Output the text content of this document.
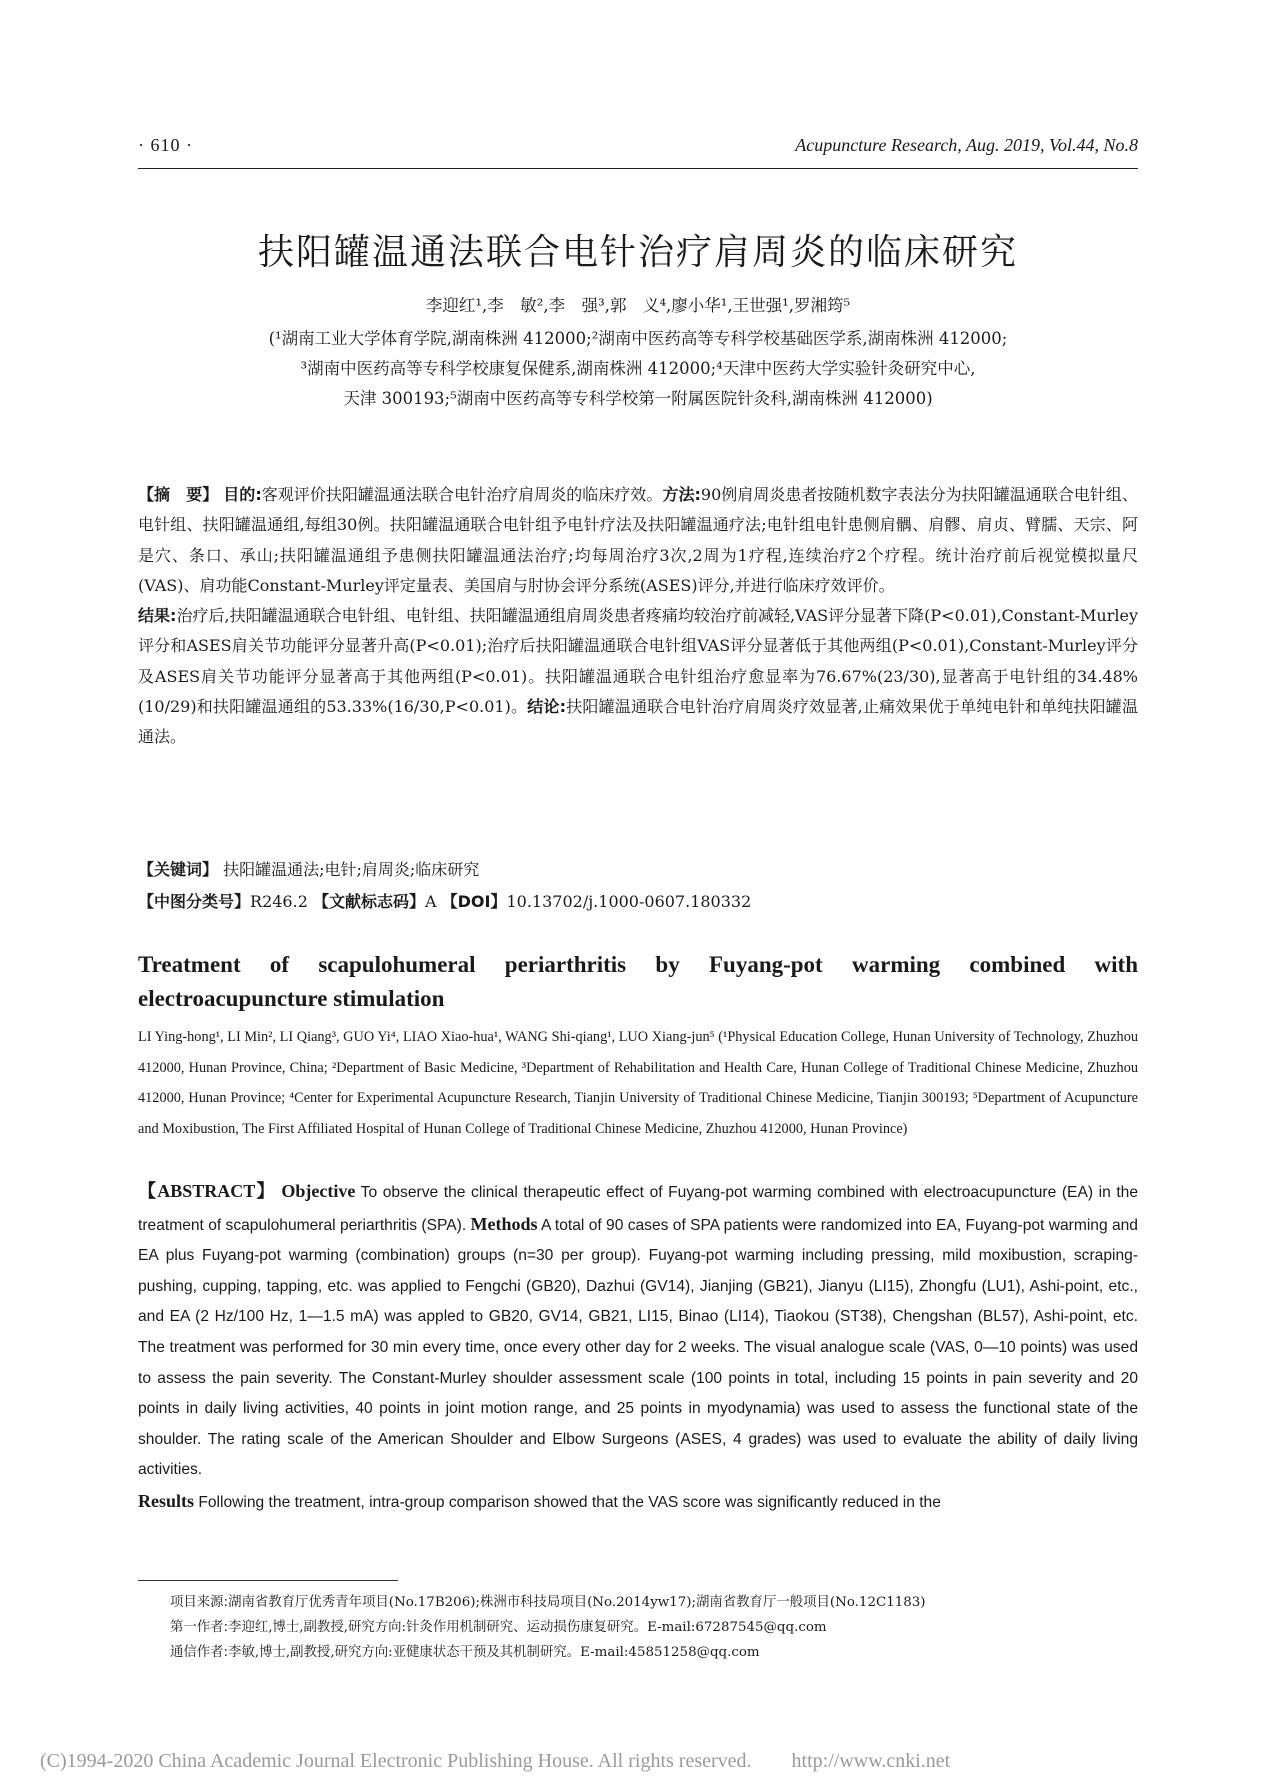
· 610 ·	Acupuncture Research, Aug. 2019, Vol.44, No.8
扶阳罐温通法联合电针治疗肩周炎的临床研究
李迎红¹,李　敏²,李　强³,郭　义⁴,廖小华¹,王世强¹,罗湘筠⁵
(¹湖南工业大学体育学院,湖南株洲 412000;²湖南中医药高等专科学校基础医学系,湖南株洲 412000;
³湖南中医药高等专科学校康复保健系,湖南株洲 412000;⁴天津中医药大学实验针灸研究中心,
天津 300193;⁵湖南中医药高等专科学校第一附属医院针灸科,湖南株洲 412000)
【摘　要】 目的:客观评价扶阳罐温通法联合电针治疗肩周炎的临床疗效。方法:90例肩周炎患者按随机数字表法分为扶阳罐温通联合电针组、电针组、扶阳罐温通组,每组30例。扶阳罐温通联合电针组予电针疗法及扶阳罐温通疗法;电针组电针患侧肩髃、肩髎、肩贞、臂臑、天宗、阿是穴、条口、承山;扶阳罐温通组予患侧扶阳罐温通法治疗;均每周治疗3次,2周为1疗程,连续治疗2个疗程。统计治疗前后视觉模拟量尺(VAS)、肩功能Constant-Murley评定量表、美国肩与肘协会评分系统(ASES)评分,并进行临床疗效评价。
结果:治疗后,扶阳罐温通联合电针组、电针组、扶阳罐温通组肩周炎患者疼痛均较治疗前减轻,VAS评分显著下降(P<0.01),Constant-Murley评分和ASES肩关节功能评分显著升高(P<0.01);治疗后扶阳罐温通联合电针组VAS评分显著低于其他两组(P<0.01),Constant-Murley评分及ASES肩关节功能评分显著高于其他两组(P<0.01)。扶阳罐温通联合电针组治疗愈显率为76.67%(23/30),显著高于电针组的34.48%(10/29)和扶阳罐温通组的53.33%(16/30,P<0.01)。结论:扶阳罐温通联合电针治疗肩周炎疗效显著,止痛效果优于单纯电针和单纯扶阳罐温通法。
【关键词】 扶阳罐温通法;电针;肩周炎;临床研究
【中图分类号】R246.2 【文献标志码】A 【DOI】10.13702/j.1000-0607.180332
Treatment of scapulohumeral periarthritis by Fuyang-pot warming combined with electroacupuncture stimulation
LI Ying-hong¹, LI Min², LI Qiang³, GUO Yi⁴, LIAO Xiao-hua¹, WANG Shi-qiang¹, LUO Xiang-jun⁵ (¹Physical Education College, Hunan University of Technology, Zhuzhou 412000, Hunan Province, China; ²Department of Basic Medicine, ³Department of Rehabilitation and Health Care, Hunan College of Traditional Chinese Medicine, Zhuzhou 412000, Hunan Province; ⁴Center for Experimental Acupuncture Research, Tianjin University of Traditional Chinese Medicine, Tianjin 300193; ⁵Department of Acupuncture and Moxibustion, The First Affiliated Hospital of Hunan College of Traditional Chinese Medicine, Zhuzhou 412000, Hunan Province)
【ABSTRACT】 Objective To observe the clinical therapeutic effect of Fuyang-pot warming combined with electroacupuncture (EA) in the treatment of scapulohumeral periarthritis (SPA). Methods A total of 90 cases of SPA patients were randomized into EA, Fuyang-pot warming and EA plus Fuyang-pot warming (combination) groups (n=30 per group). Fuyang-pot warming including pressing, mild moxibustion, scraping-pushing, cupping, tapping, etc. was applied to Fengchi (GB20), Dazhui (GV14), Jianjing (GB21), Jianyu (LI15), Zhongfu (LU1), Ashi-point, etc., and EA (2 Hz/100 Hz, 1—1.5 mA) was appled to GB20, GV14, GB21, LI15, Binao (LI14), Tiaokou (ST38), Chengshan (BL57), Ashi-point, etc. The treatment was performed for 30 min every time, once every other day for 2 weeks. The visual analogue scale (VAS, 0—10 points) was used to assess the pain severity. The Constant-Murley shoulder assessment scale (100 points in total, including 15 points in pain severity and 20 points in daily living activities, 40 points in joint motion range, and 25 points in myodynamia) was used to assess the functional state of the shoulder. The rating scale of the American Shoulder and Elbow Surgeons (ASES, 4 grades) was used to evaluate the ability of daily living activities.
Results Following the treatment, intra-group comparison showed that the VAS score was significantly reduced in the
项目来源:湖南省教育厅优秀青年项目(No.17B206);株洲市科技局项目(No.2014yw17);湖南省教育厅一般项目(No.12C1183)
第一作者:李迎红,博士,副教授,研究方向:针灸作用机制研究、运动损伤康复研究。E-mail:67287545@qq.com
通信作者:李敏,博士,副教授,研究方向:亚健康状态干预及其机制研究。E-mail:45851258@qq.com
(C)1994-2020 China Academic Journal Electronic Publishing House. All rights reserved.　　http://www.cnki.net
